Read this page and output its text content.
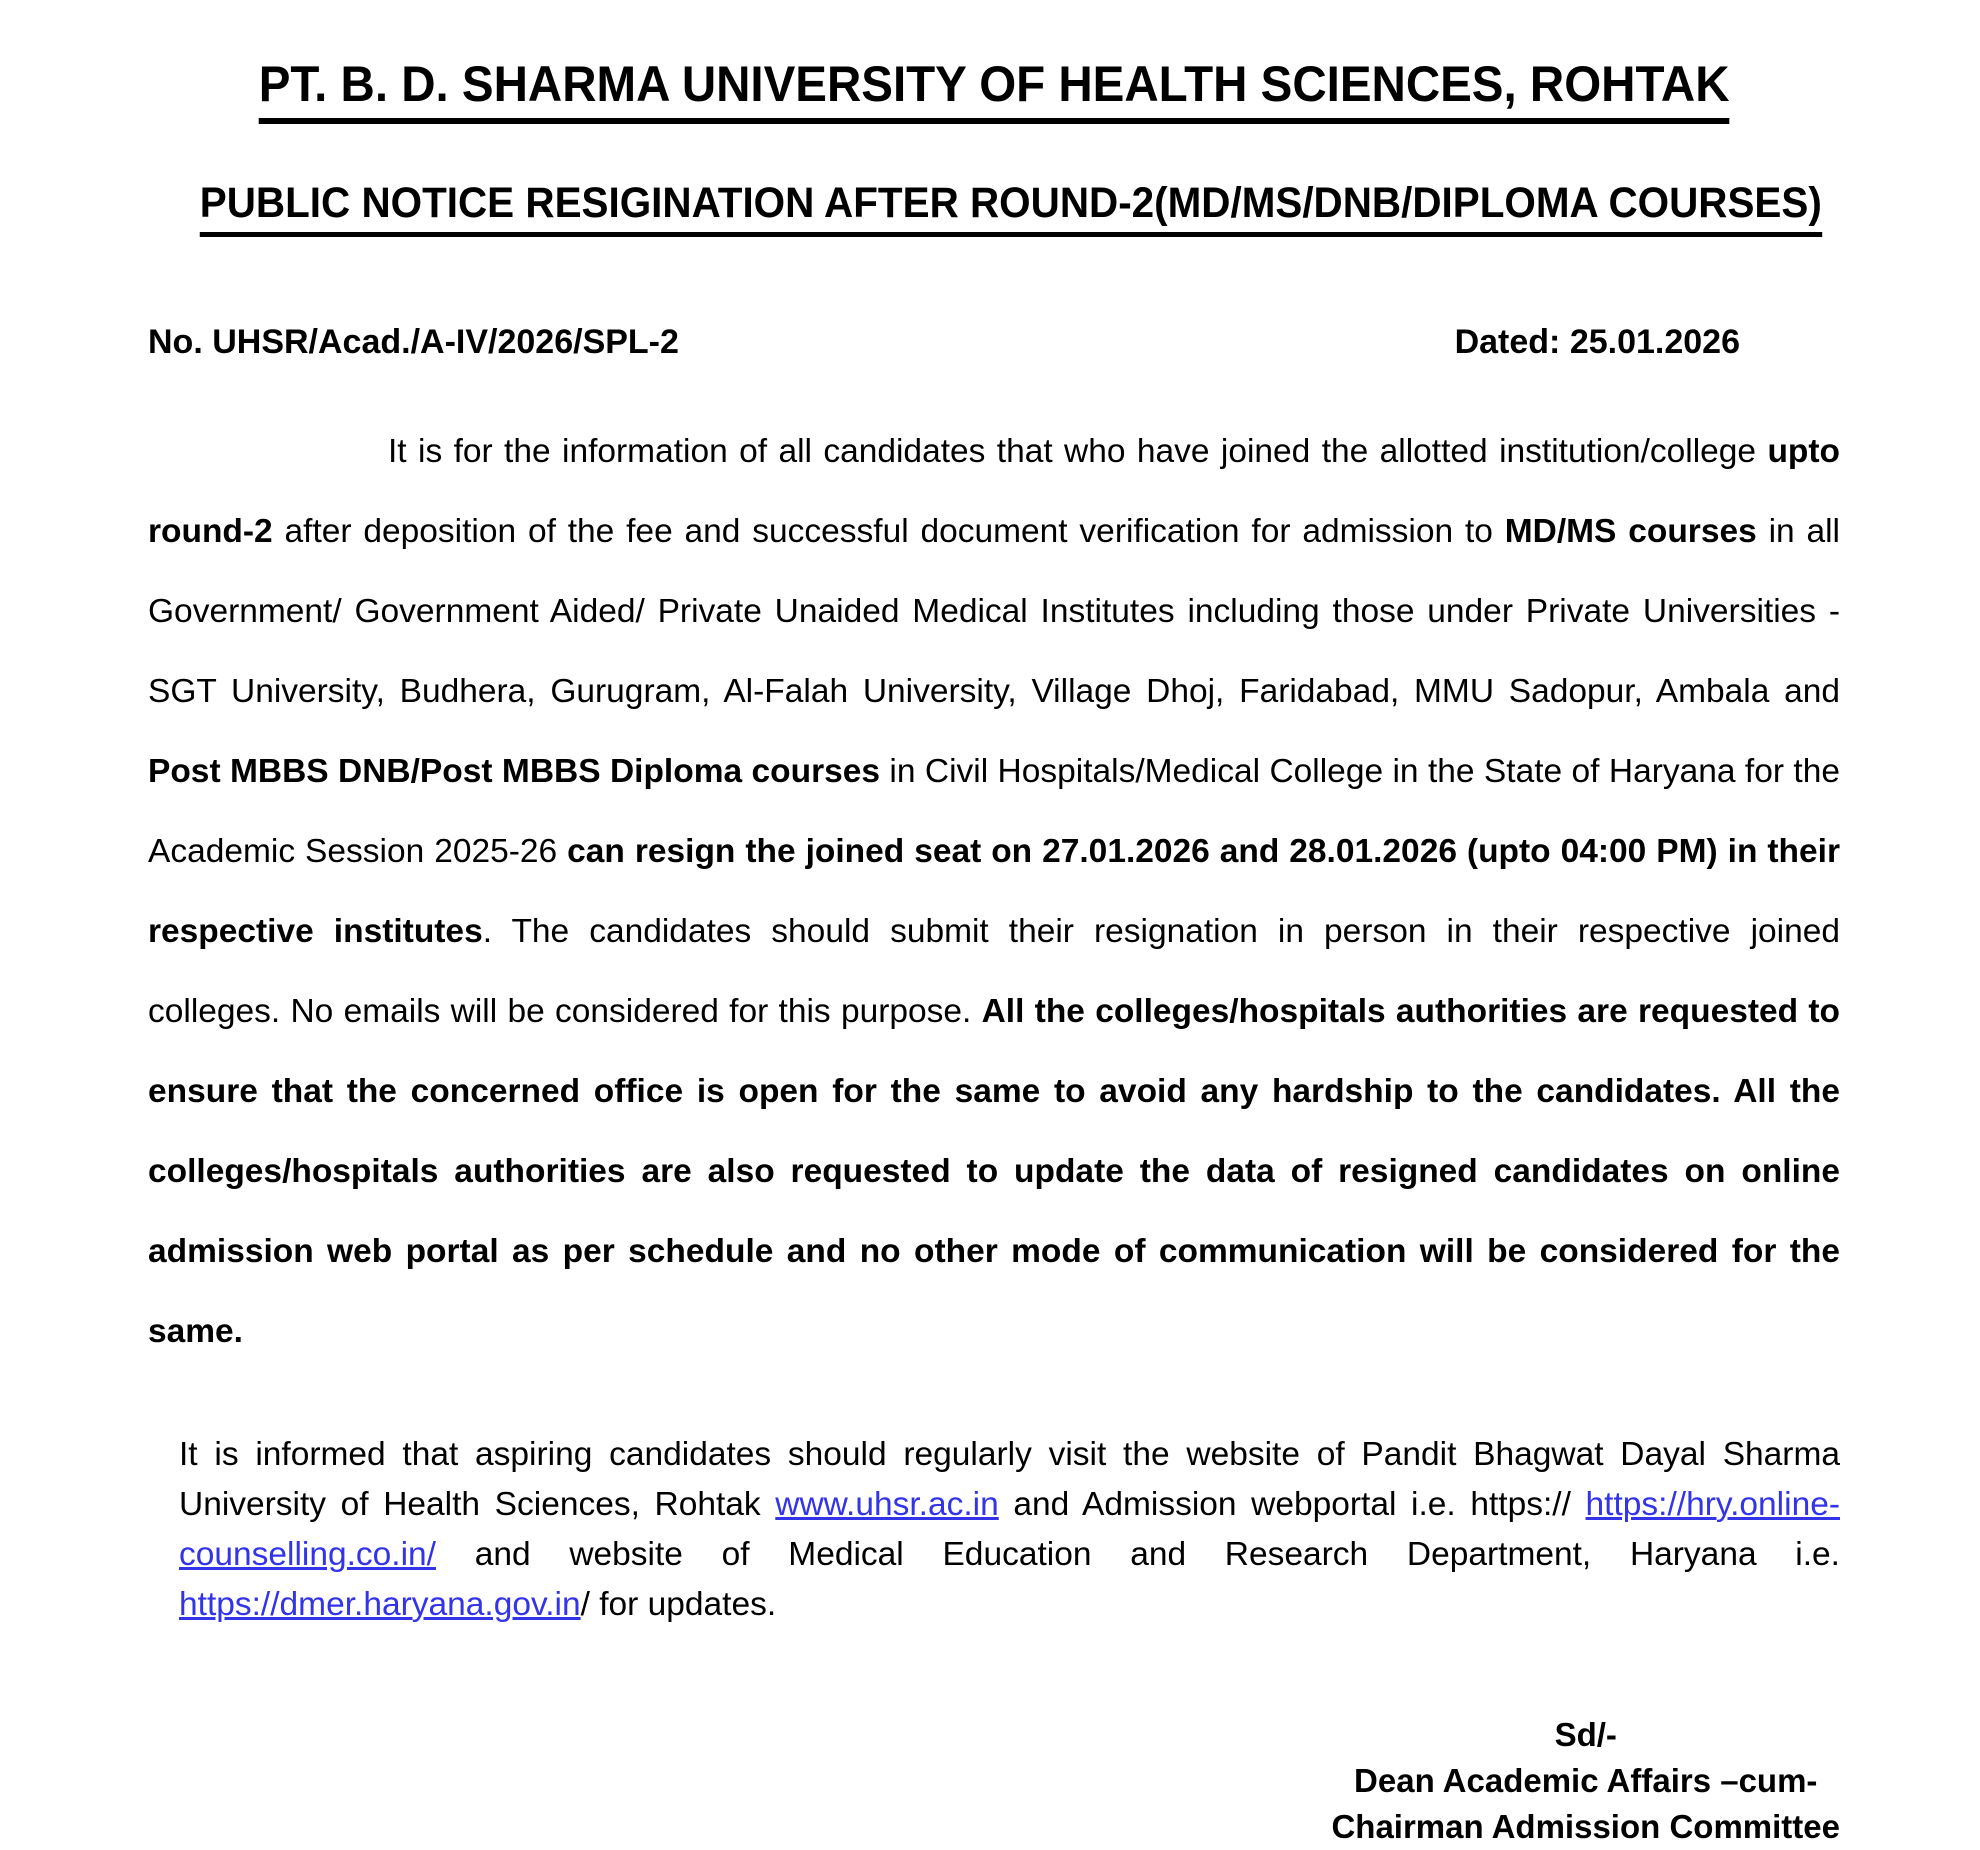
PT. B. D. SHARMA UNIVERSITY OF HEALTH SCIENCES, ROHTAK
PUBLIC NOTICE RESIGINATION AFTER ROUND-2(MD/MS/DNB/DIPLOMA COURSES)
No. UHSR/Acad./A-IV/2026/SPL-2	Dated: 25.01.2026

It is for the information of all candidates that who have joined the allotted institution/college upto round-2 after deposition of the fee and successful document verification for admission to MD/MS courses in all Government/ Government Aided/ Private Unaided Medical Institutes including those under Private Universities - SGT University, Budhera, Gurugram, Al-Falah University, Village Dhoj, Faridabad, MMU Sadopur, Ambala and Post MBBS DNB/Post MBBS Diploma courses in Civil Hospitals/Medical College in the State of Haryana for the Academic Session 2025-26 can resign the joined seat on 27.01.2026 and 28.01.2026 (upto 04:00 PM) in their respective institutes. The candidates should submit their resignation in person in their respective joined colleges. No emails will be considered for this purpose. All the colleges/hospitals authorities are requested to ensure that the concerned office is open for the same to avoid any hardship to the candidates. All the colleges/hospitals authorities are also requested to update the data of resigned candidates on online admission web portal as per schedule and no other mode of communication will be considered for the same.

It is informed that aspiring candidates should regularly visit the website of Pandit Bhagwat Dayal Sharma University of Health Sciences, Rohtak www.uhsr.ac.in and Admission webportal i.e. https:// https://hry.online-counselling.co.in/ and website of Medical Education and Research Department, Haryana i.e. https://dmer.haryana.gov.in/ for updates.

Sd/-
Dean Academic Affairs –cum-
Chairman Admission Committee
